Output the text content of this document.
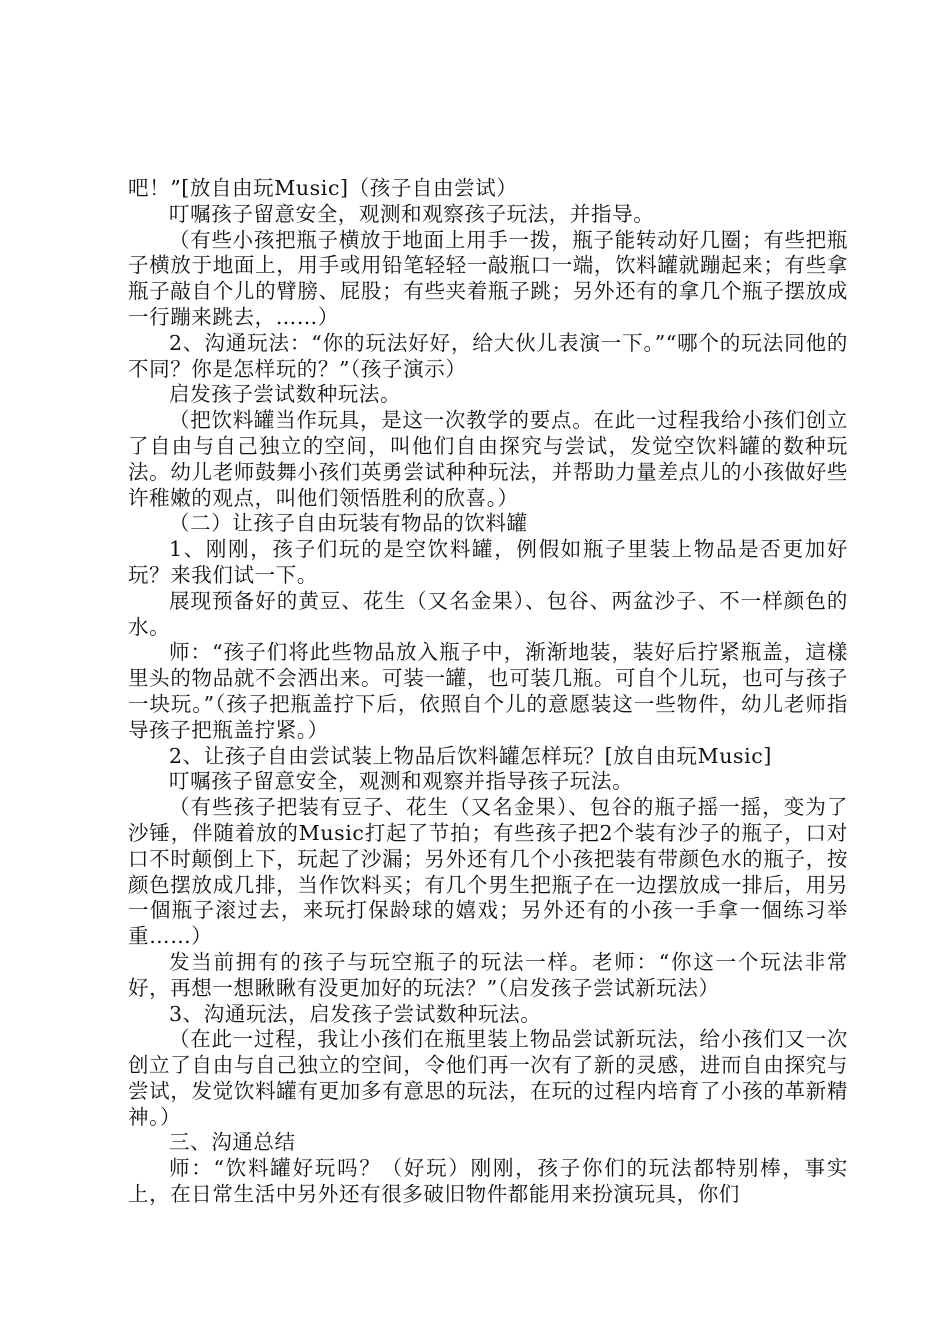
吧！”[放自由玩Music]（孩子自由尝试）

叮嘱孩子留意安全，观测和观察孩子玩法，并指导。

（有些小孩把瓶子横放于地面上用手一拨，瓶子能转动好几圈；有些把瓶子横放于地面上，用手或用铅笔轻轻一敲瓶口一端，饮料罐就蹦起来；有些拿瓶子敲自个儿的臂膀、屁股；有些夹着瓶子跳；另外还有的拿几个瓶子摆放成一行蹦来跳去，……）

2、沟通玩法：“你的玩法好好，给大伙儿表演一下。”“哪个的玩法同他的不同？你是怎样玩的？”（孩子演示）

启发孩子尝试数种玩法。

（把饮料罐当作玩具，是这一次教学的要点。在此一过程我给小孩们创立了自由与自己独立的空间，叫他们自由探究与尝试，发觉空饮料罐的数种玩法。幼儿老师鼓舞小孩们英勇尝试种种玩法，并帮助力量差点儿的小孩做好些许稚嫩的观点，叫他们领悟胜利的欣喜。）

（二）让孩子自由玩装有物品的饮料罐

1、刚刚，孩子们玩的是空饮料罐，例假如瓶子里装上物品是否更加好玩？来我们试一下。

展现预备好的黄豆、花生（又名金果）、包谷、两盆沙子、不一样颜色的水。

师：“孩子们将此些物品放入瓶子中，渐渐地装，装好后拧紧瓶盖，這樣里头的物品就不会洒出来。可装一罐，也可装几瓶。可自个儿玩，也可与孩子一块玩。”（孩子把瓶盖拧下后，依照自个儿的意愿装这一些物件，幼儿老师指导孩子把瓶盖拧紧。）

2、让孩子自由尝试装上物品后饮料罐怎样玩？[放自由玩Music]

叮嘱孩子留意安全，观测和观察并指导孩子玩法。

（有些孩子把装有豆子、花生（又名金果）、包谷的瓶子摇一摇，变为了沙锤，伴随着放的Music打起了节拍；有些孩子把2个装有沙子的瓶子，口对口不时颠倒上下，玩起了沙漏；另外还有几个小孩把装有带颜色水的瓶子，按颜色摆放成几排，当作饮料买；有几个男生把瓶子在一边摆放成一排后，用另一個瓶子滚过去，来玩打保龄球的嬉戏；另外还有的小孩一手拿一個练习举重……）

发当前拥有的孩子与玩空瓶子的玩法一样。老师：“你这一个玩法非常好，再想一想瞅瞅有没更加好的玩法？”（启发孩子尝试新玩法）

3、沟通玩法，启发孩子尝试数种玩法。

（在此一过程，我让小孩们在瓶里装上物品尝试新玩法，给小孩们又一次创立了自由与自己独立的空间，令他们再一次有了新的灵感，进而自由探究与尝试，发觉饮料罐有更加多有意思的玩法，在玩的过程内培育了小孩的革新精神。）

三、沟通总结

师：“饮料罐好玩吗？（好玩）刚刚，孩子你们的玩法都特别棒，事实上，在日常生活中另外还有很多破旧物件都能用来扮演玩具，你们
